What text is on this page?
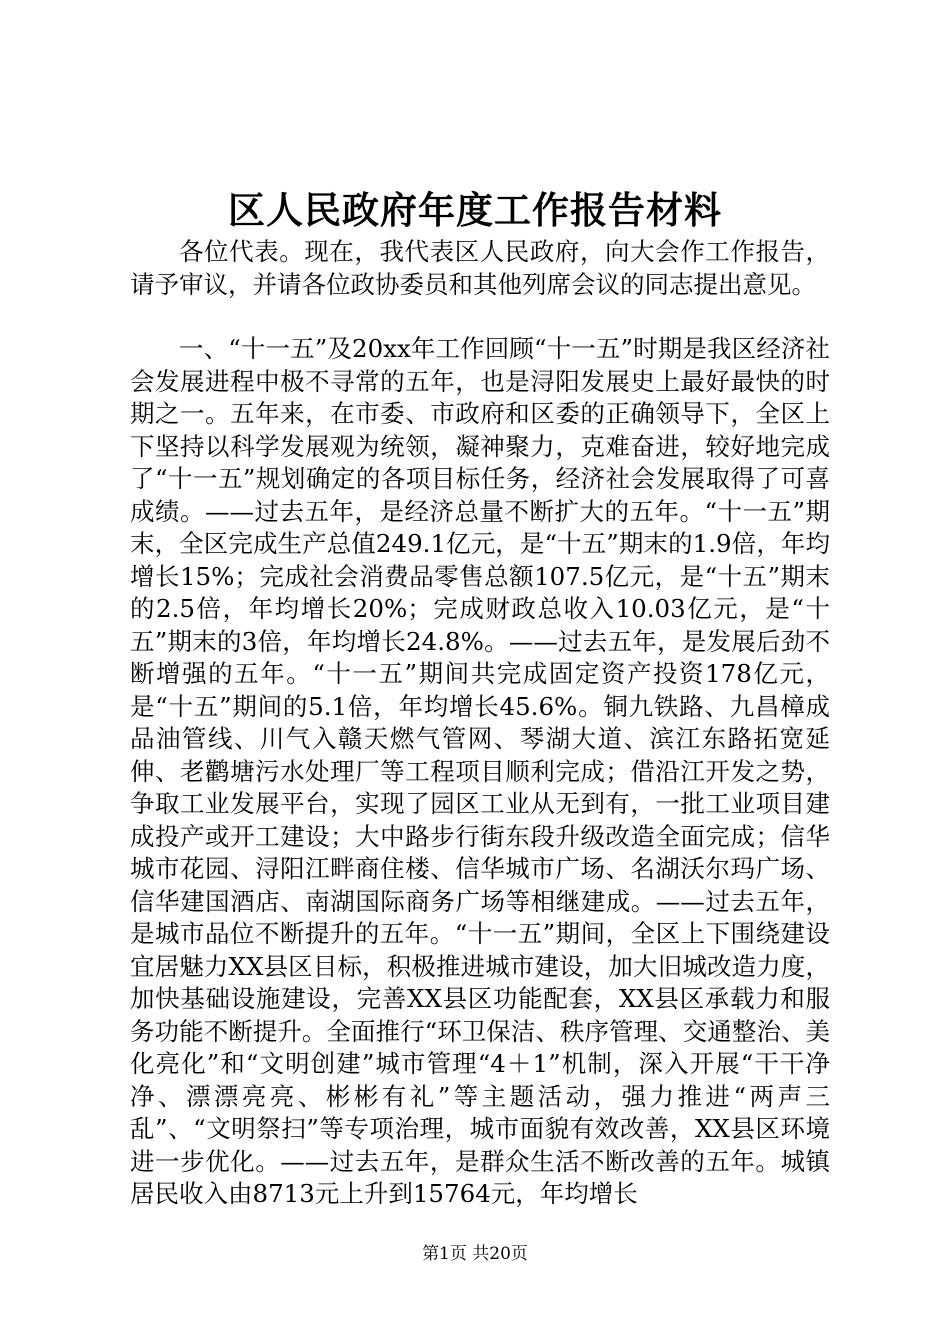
区人民政府年度工作报告材料

各位代表。现在，我代表区人民政府，向大会作工作报告，请予审议，并请各位政协委员和其他列席会议的同志提出意见。

一、“十一五”及20xx年工作回顾“十一五”时期是我区经济社会发展进程中极不寻常的五年，也是浔阳发展史上最好最快的时期之一。五年来，在市委、市政府和区委的正确领导下，全区上下坚持以科学发展观为统领，凝神聚力，克难奋进，较好地完成了“十一五”规划确定的各项目标任务，经济社会发展取得了可喜成绩。——过去五年，是经济总量不断扩大的五年。“十一五”期末，全区完成生产总值249.1亿元，是“十五”期末的1.9倍，年均增长15%；完成社会消费品零售总额107.5亿元，是“十五”期末的2.5倍，年均增长20%；完成财政总收入10.03亿元，是“十五”期末的3倍，年均增长24.8%。——过去五年，是发展后劲不断增强的五年。“十一五”期间共完成固定资产投资178亿元，是“十五”期间的5.1倍，年均增长45.6%。铜九铁路、九昌樟成品油管线、川气入赣天燃气管网、琴湖大道、滨江东路拓宽延伸、老鹳塘污水处理厂等工程项目顺利完成；借沿江开发之势，争取工业发展平台，实现了园区工业从无到有，一批工业项目建成投产或开工建设；大中路步行街东段升级改造全面完成；信华城市花园、浔阳江畔商住楼、信华城市广场、名湖沃尔玛广场、信华建国酒店、南湖国际商务广场等相继建成。——过去五年，是城市品位不断提升的五年。“十一五”期间，全区上下围绕建设宜居魅力XX县区目标，积极推进城市建设，加大旧城改造力度，加快基础设施建设，完善XX县区功能配套，XX县区承载力和服务功能不断提升。全面推行“环卫保洁、秩序管理、交通整治、美化亮化”和“文明创建”城市管理“4＋1”机制，深入开展“干干净净、漂漂亮亮、彬彬有礼”等主题活动，强力推进“两声三乱”、“文明祭扫”等专项治理，城市面貌有效改善，XX县区环境进一步优化。——过去五年，是群众生活不断改善的五年。城镇居民收入由8713元上升到15764元，年均增长

第1页 共20页
